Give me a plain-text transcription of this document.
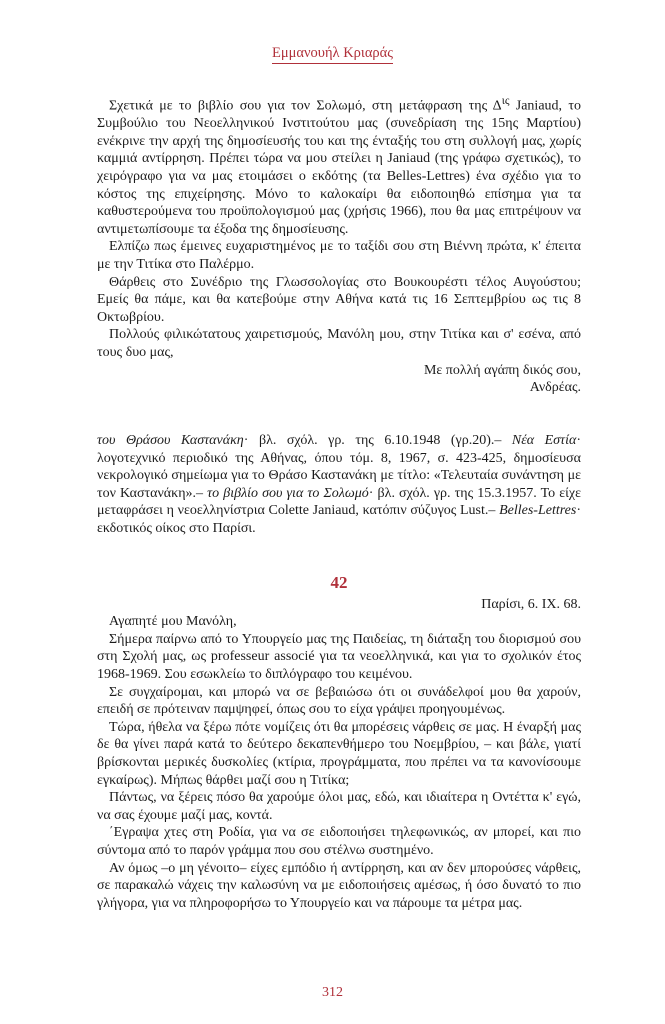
Εμμανουήλ Κριαράς

Σχετικά με το βιβλίο σου για τον Σολωμό, στη μετάφραση της $\Delta^{\iota\varsigma}$ Janiaud, το Συμβούλιο του Νεοελληνικού Ινστιτούτου μας (συνεδρίαση της 15ης Μαρτίου) ενέκρινε την αρχή της δημοσίευσής του και της ένταξής του στη συλλογή μας, χωρίς καμμιά αντίρρηση. Πρέπει τώρα να μου στείλει η Janiaud (της γράφω σχετικώς), το χειρόγραφο για να μας ετοιμάσει ο εκδότης (τα Belles-Lettres) ένα σχέδιο για το κόστος της επιχείρησης. Μόνο το καλοκαίρι θα ειδοποιηθώ επίσημα για τα καθυστερούμενα του προϋπολογισμού μας (χρήσις 1966), που θα μας επιτρέψουν να αντιμετωπίσουμε τα έξοδα της δημοσίευσης.

Ελπίζω πως έμεινες ευχαριστημένος με το ταξίδι σου στη Βιέννη πρώτα, κ' έπειτα με την Τιτίκα στο Παλέρμο.

Θάρθεις στο Συνέδριο της Γλωσσολογίας στο Βουκουρέστι τέλος Αυγούστου; Εμείς θα πάμε, και θα κατεβούμε στην Αθήνα κατά τις 16 Σεπτεμβρίου ως τις 8 Οκτωβρίου.

Πολλούς φιλικώτατους χαιρετισμούς, Μανόλη μου, στην Τιτίκα και σ' εσένα, από τους δυο μας,

Με πολλή αγάπη δικός σου,

Ανδρέας.

του Θράσου Καστανάκη· βλ. σχόλ. γρ. της 6.10.1948 (γρ.20).– Νέα Εστία· λογοτεχνικό περιοδικό της Αθήνας, όπου τόμ. 8, 1967, σ. 423-425, δημοσίευσα νεκρολογικό σημείωμα για το Θράσο Καστανάκη με τίτλο: «Τελευταία συνάντηση με τον Καστανάκη».– το βιβλίο σου για το Σολωμό· βλ. σχόλ. γρ. της 15.3.1957. Το είχε μεταφράσει η νεοελληνίστρια Colette Janiaud, κατόπιν σύζυγος Lust.– Belles-Lettres· εκδοτικός οίκος στο Παρίσι.

42

Παρίσι, 6. IX. 68.

Αγαπητέ μου Μανόλη,

Σήμερα παίρνω από το Υπουργείο μας της Παιδείας, τη διάταξη του διορισμού σου στη Σχολή μας, ως professeur associé για τα νεοελληνικά, και για το σχολικόν έτος 1968-1969. Σου εσωκλείω το διπλόγραφο του κειμένου.

Σε συγχαίρομαι, και μπορώ να σε βεβαιώσω ότι οι συνάδελφοί μου θα χαρούν, επειδή σε πρότειναν παμψηφεί, όπως σου το είχα γράψει προηγουμένως.

Τώρα, ήθελα να ξέρω πότε νομίζεις ότι θα μπορέσεις νάρθεις σε μας. Η έναρξή μας δε θα γίνει παρά κατά το δεύτερο δεκαπενθήμερο του Νοεμβρίου, – και βάλε, γιατί βρίσκονται μερικές δυσκολίες (κτίρια, προγράμματα, που πρέπει να τα κανονίσουμε εγκαίρως). Μήπως θάρθει μαζί σου η Τιτίκα;

Πάντως, να ξέρεις πόσο θα χαρούμε όλοι μας, εδώ, και ιδιαίτερα η Οντέττα κ' εγώ, να σας έχουμε μαζί μας, κοντά.

΄Εγραψα χτες στη Ροδία, για να σε ειδοποιήσει τηλεφωνικώς, αν μπορεί, και πιο σύντομα από το παρόν γράμμα που σου στέλνω συστημένο.

Αν όμως –ο μη γένοιτο– είχες εμπόδιο ή αντίρρηση, και αν δεν μπορούσες νάρθεις, σε παρακαλώ νάχεις την καλωσύνη να με ειδοποιήσεις αμέσως, ή όσο δυνατό το πιο γλήγορα, για να πληροφορήσω το Υπουργείο και να πάρουμε τα μέτρα μας.

312
